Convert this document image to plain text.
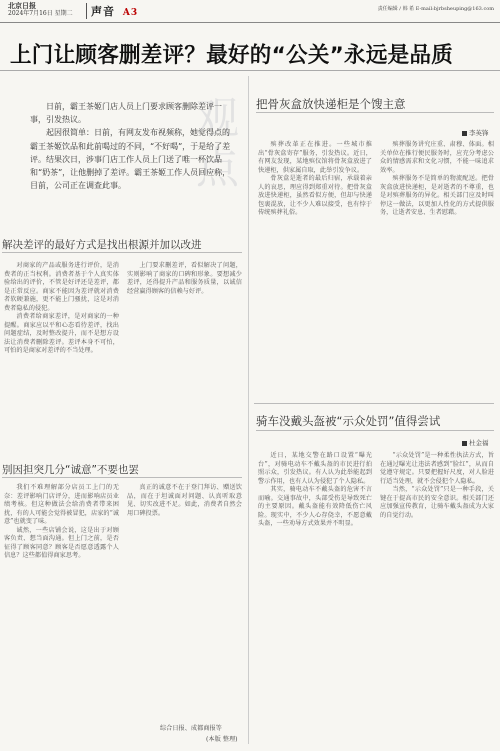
北京日报
2024年7月16日 星期二	声音 A3	责任编辑 / 韩 希 E-mail:bjrbsheuping@163.com
上门让顾客删差评？最好的“公关”永远是品质
观点

日前，霸王茶姬门店人员上门要求顾客删除差评一事，引发热议。

起因很简单：日前，有网友发布视频称，她觉得点的霸王茶姬饮品和此前喝过的不同，“不好喝”，于是给了差评。结果次日，涉事门店工作人员上门送了唯一杯饮品和“奶茶”，让他删掉了差评。霸王茶姬工作人员回应称，目前，公司正在调查此事。

解决差评的最好方式是找出根源并加以改进

对商家的产品或服务进行评价，是消费者的正当权利。消费者基于个人真实体验给出的评价，不管是好评还是差评，都是正常反应。商家不能因为差评就对消费者软硬兼施，更不能上门骚扰，这是对消费者隐私的侵犯。

消费者给商家差评，是对商家的一种提醒。商家应以平和心态看待差评，找出问题症结，及时整改提升，而不是想方设法让消费者删除差评。差评本身不可怕，可怕的是商家对差评的不当处理。

上门要求删差评，看似解决了问题，实则影响了商家的口碑和形象。要想减少差评，还得提升产品和服务质量，以诚信经营赢得顾客的信赖与好评。

别因担突几分“诚意”不要也罢

我们不难理解部分店员工上门的无奈：差评影响门店评分，进而影响店员业绩考核。但这种做法会给消费者带来困扰，有的人可能会觉得被冒犯，店家的“诚意”也就变了味。

诚然，一些店铺会说，这是出于对顾客负责、想当面沟通。但上门之前，是否征得了顾客同意？顾客是否愿意透露个人信息？这些都值得商家思考。

真正的诚意不在于登门拜访、赠送饮品，而在于坦诚面对问题、认真听取意见、切实改进不足。如此，消费者自然会用口碑投票。

综合日报、成都商报等
(本版 整理)
把骨灰盒放快递柜是个馊主意
李英锋

殡葬改革正在推进。一些城市推出“骨灰盒寄存”服务，引发热议。近日，有网友发现，某地殡仪馆将骨灰盒放进了快递柜，供家属自取，此举引发争议。

骨灰盒是逝者的最后归宿，承载着亲人的哀思，理应得到郑重对待。把骨灰盒放进快递柜，虽然看似方便，但却与快递包裹混放，让不少人难以接受，也有悖于传统殡葬礼俗。

殡葬服务讲究庄重、肃穆、体面。相关单位在推行便民服务时，应充分考虑公众的情感需求和文化习惯，不能一味追求效率。

殡葬服务不是简单的物流配送。把骨灰盒放进快递柜，是对逝者的不尊重，也是对殡葬服务的异化。相关部门应及时叫停这一做法，以更加人性化的方式提供服务，让逝者安息、生者慰藉。

骑车没戴头盔被“示众处罚”值得尝试
杜金福

近日，某地交警在路口设置“曝光台”，对骑电动车不戴头盔的市民进行拍照示众，引发热议。有人认为此举能起到警示作用，也有人认为侵犯了个人隐私。

其实，骑电动车不戴头盔的危害不言而喻。交通事故中，头部受伤是导致死亡的主要原因。戴头盔能有效降低伤亡风险。现实中，不少人心存侥幸，不愿意戴头盔，一些劝导方式效果并不明显。

“示众处罚”是一种柔性执法方式，旨在通过曝光让违法者感到“脸红”，从而自觉遵守规定。只要把握好尺度，对人脸进行适当处理，就不会侵犯个人隐私。

当然，“示众处罚”只是一种手段，关键在于提高市民的安全意识。相关部门还应加强宣传教育，让骑车戴头盔成为大家的自觉行动。
